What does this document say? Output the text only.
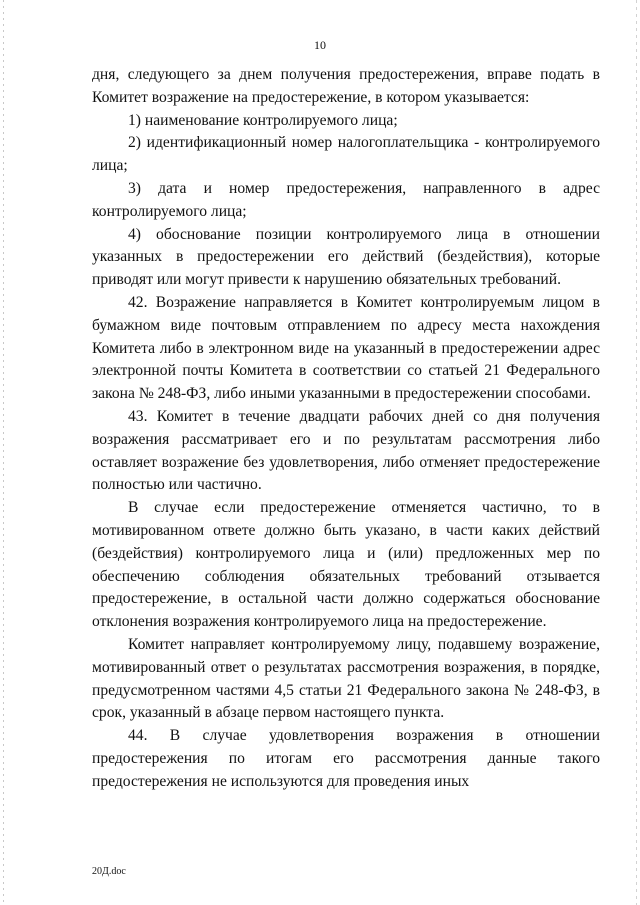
10

дня, следующего за днем получения предостережения, вправе подать в Комитет возражение на предостережение, в котором указывается:

1) наименование контролируемого лица;

2) идентификационный номер налогоплательщика - контролируемого лица;

3) дата и номер предостережения, направленного в адрес контролируемого лица;

4) обоснование позиции контролируемого лица в отношении указанных в предостережении его действий (бездействия), которые приводят или могут привести к нарушению обязательных требований.

42. Возражение направляется в Комитет контролируемым лицом в бумажном виде почтовым отправлением по адресу места нахождения Комитета либо в электронном виде на указанный в предостережении адрес электронной почты Комитета в соответствии со статьей 21 Федерального закона № 248-ФЗ, либо иными указанными в предостережении способами.

43. Комитет в течение двадцати рабочих дней со дня получения возражения рассматривает его и по результатам рассмотрения либо оставляет возражение без удовлетворения, либо отменяет предостережение полностью или частично.

В случае если предостережение отменяется частично, то в мотивированном ответе должно быть указано, в части каких действий (бездействия) контролируемого лица и (или) предложенных мер по обеспечению соблюдения обязательных требований отзывается предостережение, в остальной части должно содержаться обоснование отклонения возражения контролируемого лица на предостережение.

Комитет направляет контролируемому лицу, подавшему возражение, мотивированный ответ о результатах рассмотрения возражения, в порядке, предусмотренном частями 4,5 статьи 21 Федерального закона № 248-ФЗ, в срок, указанный в абзаце первом настоящего пункта.

44. В случае удовлетворения возражения в отношении предостережения по итогам его рассмотрения данные такого предостережения не используются для проведения иных

20Д.doc
